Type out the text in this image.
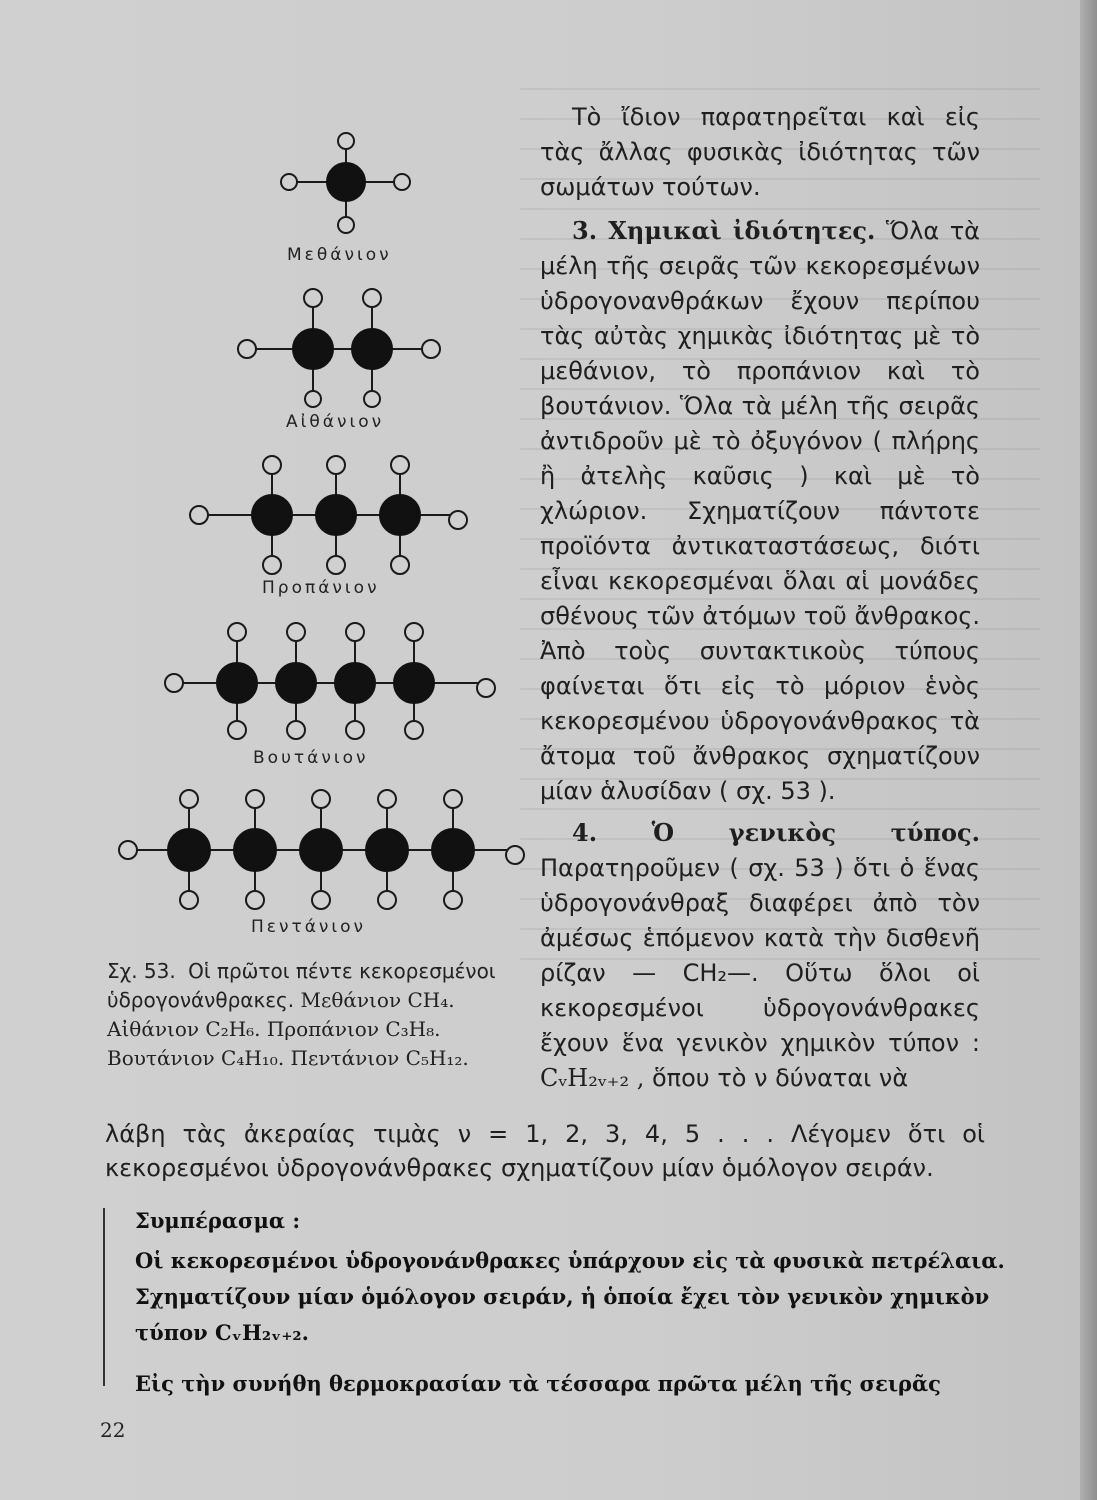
Μεθάνιον
Αἰθάνιον
Προπάνιον
Βουτάνιον
Πεντάνιον
Σχ. 53. Οἱ πρῶτοι πέντε κεκορεσμένοι ὑδρογονάνθρακες. Μεθάνιον CH₄. Αἰθάνιον C₂H₆. Προπάνιον C₃H₈. Βουτάνιον C₄H₁₀. Πεντάνιον C₅H₁₂.

Τὸ ἴδιον παρατηρεῖται καὶ εἰς τὰς ἄλλας φυσικὰς ἰδιότητας τῶν σωμάτων τούτων.

3. Χημικαὶ ἰδιότητες. Ὅλα τὰ μέλη τῆς σειρᾶς τῶν κεκορεσμένων ὑδρογονανθράκων ἔχουν περίπου τὰς αὐτὰς χημικὰς ἰδιότητας μὲ τὸ μεθάνιον, τὸ προπάνιον καὶ τὸ βουτάνιον. Ὅλα τὰ μέλη τῆς σειρᾶς ἀντιδροῦν μὲ τὸ ὀξυγόνον ( πλήρης ἢ ἀτελὴς καῦσις ) καὶ μὲ τὸ χλώριον. Σχηματίζουν πάντοτε προϊόντα ἀντικαταστάσεως, διότι εἶναι κεκορεσμέναι ὅλαι αἱ μονάδες σθένους τῶν ἀτόμων τοῦ ἄνθρακος. Ἀπὸ τοὺς συντακτικοὺς τύπους φαίνεται ὅτι εἰς τὸ μόριον ἑνὸς κεκορεσμένου ὑδρογονάνθρακος τὰ ἄτομα τοῦ ἄνθρακος σχηματίζουν μίαν ἁλυσίδαν ( σχ. 53 ).

4. Ὁ γενικὸς τύπος. Παρατηροῦμεν ( σχ. 53 ) ὅτι ὁ ἕνας ὑδρογονάνθραξ διαφέρει ἀπὸ τὸν ἀμέσως ἑπόμενον κατὰ τὴν δισθενῆ ρίζαν — CH₂—. Οὕτω ὅλοι οἱ κεκορεσμένοι ὑδρογονάνθρακες ἔχουν ἕνα γενικὸν χημικὸν τύπον : CᵥH₂ᵥ₊₂ , ὅπου τὸ ν δύναται νὰ

λάβη τὰς ἀκεραίας τιμὰς ν = 1, 2, 3, 4, 5 . . . Λέγομεν ὅτι οἱ κεκορεσμένοι ὑδρογονάνθρακες σχηματίζουν μίαν ὁμόλογον σειράν.

Συμπέρασμα :

Οἱ κεκορεσμένοι ὑδρογονάνθρακες ὑπάρχουν εἰς τὰ φυσικὰ πετρέλαια. Σχηματίζουν μίαν ὁμόλογον σειράν, ἡ ὁποία ἔχει τὸν γενικὸν χημικὸν τύπον CᵥH₂ᵥ₊₂.

Εἰς τὴν συνήθη θερμοκρασίαν τὰ τέσσαρα πρῶτα μέλη τῆς σειρᾶς

22
